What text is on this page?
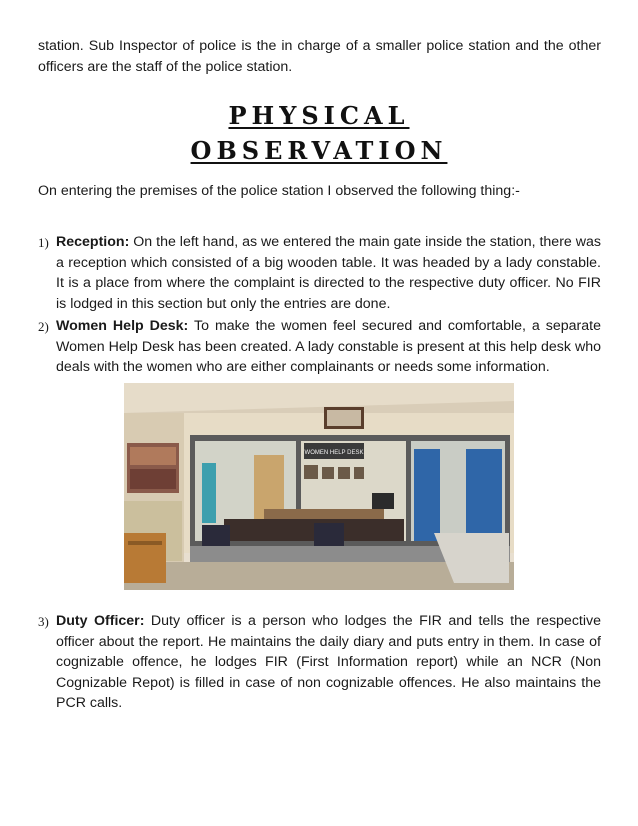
station. Sub Inspector of police is the in charge of a smaller police station and the other officers are the staff of the police station.
PHYSICAL
OBSERVATION
On entering the premises of the police station I observed the following thing:-
1) Reception: On the left hand, as we entered the main gate inside the station, there was a reception which consisted of a big wooden table. It was headed by a lady constable. It is a place from where the complaint is directed to the respective duty officer. No FIR is lodged in this section but only the entries are done.
2) Women Help Desk: To make the women feel secured and comfortable, a separate Women Help Desk has been created. A lady constable is present at this help desk who deals with the women who are either complainants or needs some information.
WOMEN HELP DESK
3) Duty Officer: Duty officer is a person who lodges the FIR and tells the respective officer about the report. He maintains the daily diary and puts entry in them. In case of cognizable offence, he lodges FIR (First Information report) while an NCR (Non Cognizable Repot) is filled in case of non cognizable offences. He also maintains the PCR calls.
